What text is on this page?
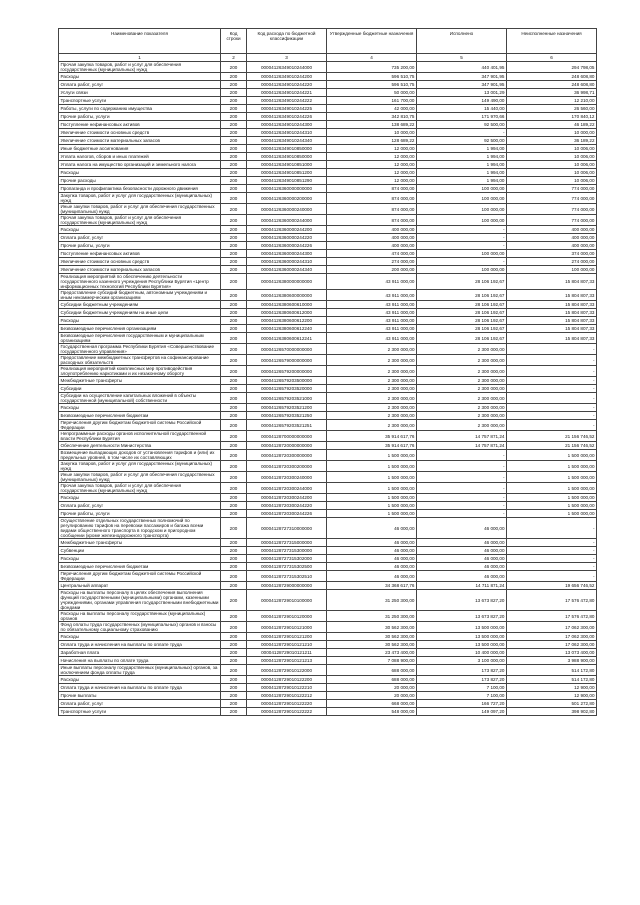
Наименование показателя	Код строки	Код расхода по бюджетной классификации	Утвержденные бюджетные назначения	Исполнено	Неисполненные назначения
1	2	3	4	5	6
Прочая закупка товаров, работ и услуг для обеспечения государственных (муниципальных) нужд	200	00004126349010244000	735 200,00	440 401,95	294 798,05
Расходы	200	00004126349010244200	596 510,75	347 901,95	248 608,80
Оплата работ, услуг	200	00004126349010244220	596 510,75	347 901,95	248 608,80
Услуги связи	200	00004126349010244221	50 000,00	13 001,29	36 998,71
Транспортные услуги	200	00004126349010244222	161 700,00	149 490,00	12 210,00
Работы, услуги по содержанию имущества	200	00004126349010244225	42 000,00	15 440,00	26 560,00
Прочие работы, услуги	200	00004126349010244226	342 810,75	171 970,66	170 840,12
Поступление нефинансовых активов	200	00004126349010244300	138 689,22	92 500,00	46 189,22
Увеличение стоимости основных средств	200	00004126349010244310	10 000,00	-	10 000,00
Увеличение стоимости материальных запасов	200	00004126349010244340	128 689,22	92 500,00	36 189,22
Иные бюджетные ассигнования	200	00004126349010850000	12 000,00	1 994,00	10 006,00
Уплата налогов, сборов и иных платежей	200	00004126349010850000	12 000,00	1 994,00	10 006,00
Уплата налога на имущество организаций и земельного налога	200	00004126349010851000	12 000,00	1 994,00	10 006,00
Расходы	200	00004126349010851200	12 000,00	1 994,00	10 006,00
Прочие расходы	200	00004126349010851290	12 000,00	1 994,00	10 006,00
Пропаганда и профилактика безопасности дорожного движения	200	00004126360000000000	874 000,00	100 000,00	774 000,00
Закупка товаров, работ и услуг для государственных (муниципальных) нужд	200	00004126360000200000	874 000,00	100 000,00	774 000,00
Иные закупки товаров, работ и услуг для обеспечения государственных (муниципальных) нужд	200	00004126360000240000	874 000,00	100 000,00	774 000,00
Прочая закупка товаров, работ и услуг для обеспечения государственных (муниципальных) нужд	200	00004126360000244000	874 000,00	100 000,00	774 000,00
Расходы	200	00004126360000244200	400 000,00	-	400 000,00
Оплата работ, услуг	200	00004126360000244220	400 000,00	-	400 000,00
Прочие работы, услуги	200	00004126360000244226	400 000,00	-	400 000,00
Поступление нефинансовых активов	200	00004126360000244300	474 000,00	100 000,00	374 000,00
Увеличение стоимости основных средств	200	00004126360000244310	274 000,00	-	274 000,00
Увеличение стоимости материальных запасов	200	00004126360000244340	200 000,00	100 000,00	100 000,00
Реализация мероприятий по обеспечению деятельности государственного казенного учреждения Республики Бурятия «Центр информационных технологий Республики Бурятия»	200	00004126380000000000	43 911 000,00	28 106 192,67	15 804 807,33
Предоставление субсидий бюджетным, автономным учреждениям и иным некоммерческим организациям	200	00004126380600000000	43 911 000,00	28 106 192,67	15 804 807,33
Субсидии бюджетным учреждениям	200	00004126380600610000	43 911 000,00	28 106 192,67	15 804 807,33
Субсидии бюджетным учреждениям на иные цели	200	00004126380600612000	43 911 000,00	28 106 192,67	15 804 807,33
Расходы	200	00004126380600612200	43 911 000,00	28 106 192,67	15 804 807,33
Безвозмездные перечисления организациям	200	00004126380600612240	43 911 000,00	28 106 192,67	15 804 807,33
Безвозмездные перечисления государственным и муниципальным организациям	200	00004126380600612241	43 911 000,00	28 106 192,67	15 804 807,33
Государственная программа Республики Бурятия «Совершенствование государственного управления»	200	00004126570000000000	2 300 000,00	2 300 000,00	-
Предоставление межбюджетных трансфертов на софинансирование расходных обязательств	200	00004126579000000000	2 300 000,00	2 300 000,00	-
Реализация мероприятий комплексных мер противодействия злоупотреблению наркотиками и их незаконному обороту	200	00004126579200000000	2 300 000,00	2 300 000,00	-
Межбюджетные трансферты	200	00004126579203500000	2 300 000,00	2 300 000,00	-
Субсидии	200	00004126579203520000	2 300 000,00	2 300 000,00	-
Субсидии на осуществление капитальных вложений в объекты государственной (муниципальной) собственности	200	00004126579203521000	2 300 000,00	2 300 000,00	-
Расходы	200	00004126579203521200	2 300 000,00	2 300 000,00	-
Безвозмездные перечисления бюджетам	200	00004126579203521250	2 300 000,00	2 300 000,00	-
Перечисления другим бюджетам бюджетной системы Российской Федерации	200	00004126579203521251	2 300 000,00	2 300 000,00	-
Непрограммные расходы органов исполнительной государственной власти Республики Бурятия	200	00004128700000000000	35 914 617,76	14 757 871,24	21 156 746,52
Обеспечение деятельности Министерства	200	00004128720000000000	35 914 617,76	14 757 871,24	21 156 746,52
Возмещение выпадающих доходов от установления тарифов и (или) их предельных уровней, в том числе их составляющих	200	00004128720300000000	1 500 000,00	-	1 500 000,00
Закупка товаров, работ и услуг для государственных (муниципальных) нужд	200	00004128720300200000	1 500 000,00	-	1 500 000,00
Иные закупки товаров, работ и услуг для обеспечения государственных (муниципальных) нужд	200	00004128720300240000	1 500 000,00	-	1 500 000,00
Прочая закупка товаров, работ и услуг для обеспечения государственных (муниципальных) нужд	200	00004128720300244000	1 500 000,00	-	1 500 000,00
Расходы	200	00004128720300244200	1 500 000,00	-	1 500 000,00
Оплата работ, услуг	200	00004128720300244220	1 500 000,00	-	1 500 000,00
Прочие работы, услуги	200	00004128720300244226	1 500 000,00	-	1 500 000,00
Осуществление отдельных государственных полномочий по регулированию тарифов на перевозки пассажиров и багажа всеми видами общественного транспорта в городском и пригородном сообщении (кроме железнодорожного транспорта)	200	00004128727310000000	46 000,00	46 000,00	-
Межбюджетные трансферты	200	00004128727315000000	46 000,00	46 000,00	-
Субвенции	200	00004128727315300000	46 000,00	46 000,00	-
Расходы	200	00004128727315302000	46 000,00	46 000,00	-
Безвозмездные перечисления бюджетам	200	00004128727315302500	46 000,00	46 000,00	-
Перечисления другим бюджетам бюджетной системы Российской Федерации	200	00004128727315302510	46 000,00	46 000,00	-
Центральный аппарат	200	00004128729000000000	34 368 617,76	14 711 871,24	19 656 746,52
Расходы на выплаты персоналу в целях обеспечения выполнения функций государственными (муниципальными) органами, казенными учреждениями, органами управления государственными внебюджетными фондами	200	00004128729010100000	31 250 300,00	13 673 827,20	17 576 472,80
Расходы на выплаты персоналу государственных (муниципальных) органов	200	00004128729010120000	31 250 300,00	13 673 827,20	17 576 472,80
Фонд оплаты труда государственных (муниципальных) органов и взносы по обязательному социальному страхованию	200	00004128729010121000	30 562 300,00	13 500 000,00	17 062 300,00
Расходы	200	00004128729010121200	30 562 300,00	13 500 000,00	17 062 300,00
Оплата труда и начисления на выплаты по оплате труда	200	00004128729010121210	30 562 300,00	13 500 000,00	17 062 300,00
Заработная плата	200	00004128729010121211	23 473 400,00	10 400 000,00	13 073 400,00
Начисления на выплаты по оплате труда	200	00004128729010121213	7 088 900,00	3 100 000,00	3 988 900,00
Иные выплаты персоналу государственных (муниципальных) органов, за исключением фонда оплаты труда	200	00004128729010122000	688 000,00	173 827,20	514 172,80
Расходы	200	00004128729010122200	688 000,00	173 827,20	514 172,80
Оплата труда и начисления на выплаты по оплате труда	200	00004128729010122210	20 000,00	7 100,00	12 900,00
Прочие выплаты	200	00004128729010122212	20 000,00	7 100,00	12 900,00
Оплата работ, услуг	200	00004128729010122220	668 000,00	166 727,20	501 272,80
Транспортные услуги	200	00004128729010122222	548 000,00	149 097,20	398 902,80
